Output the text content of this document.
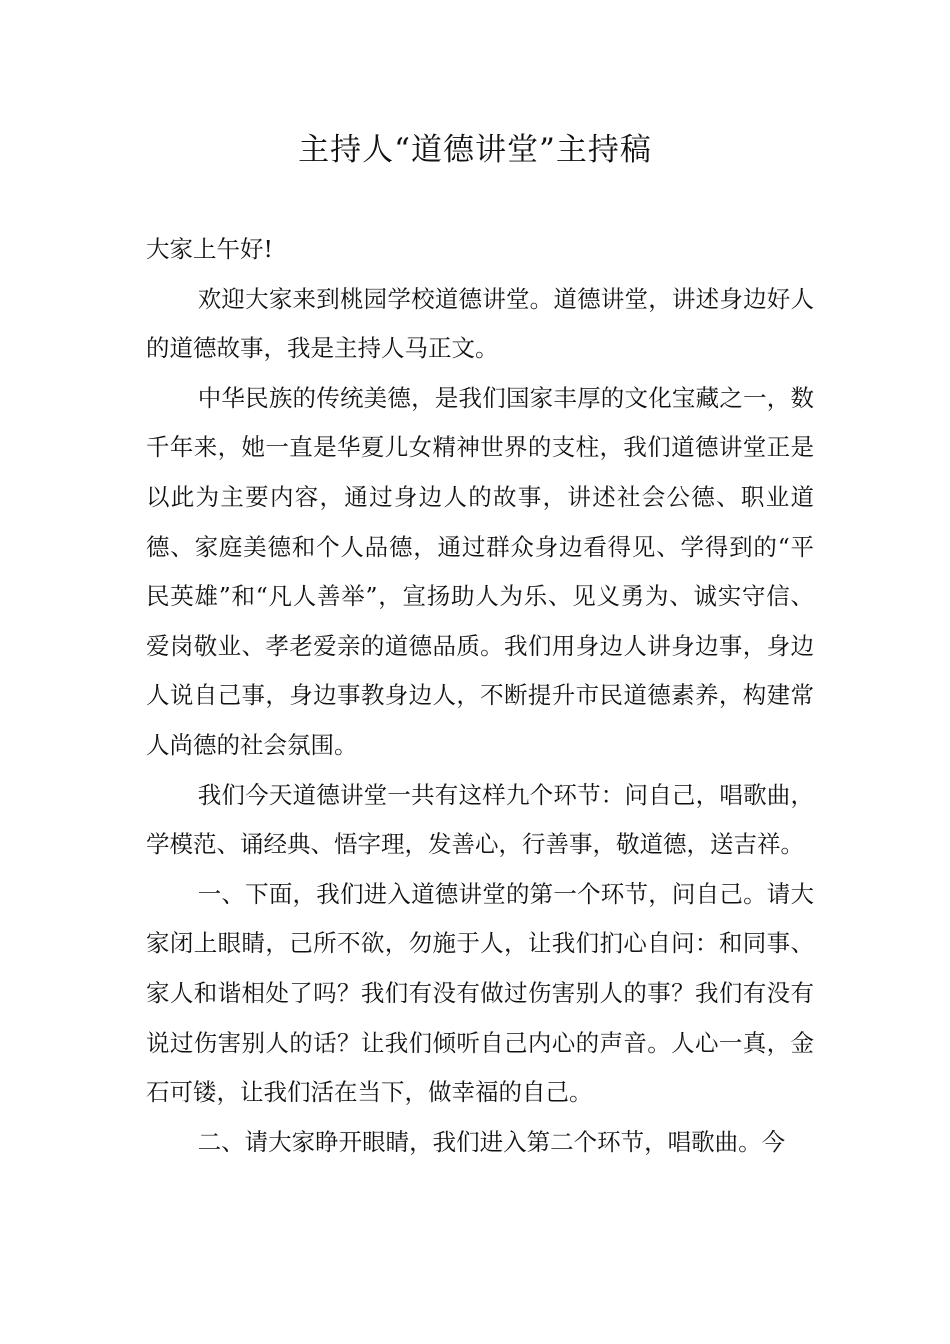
主持人“道德讲堂”主持稿

大家上午好!

欢迎大家来到桃园学校道德讲堂。道德讲堂，讲述身边好人的道德故事，我是主持人马正文。

中华民族的传统美德，是我们国家丰厚的文化宝藏之一，数千年来，她一直是华夏儿女精神世界的支柱，我们道德讲堂正是以此为主要内容，通过身边人的故事，讲述社会公德、职业道德、家庭美德和个人品德，通过群众身边看得见、学得到的“平民英雄”和“凡人善举”，宣扬助人为乐、见义勇为、诚实守信、爱岗敬业、孝老爱亲的道德品质。我们用身边人讲身边事，身边人说自己事，身边事教身边人，不断提升市民道德素养，构建常人尚德的社会氛围。

我们今天道德讲堂一共有这样九个环节：问自己，唱歌曲，学模范、诵经典、悟字理，发善心，行善事，敬道德，送吉祥。

一、下面，我们进入道德讲堂的第一个环节，问自己。请大家闭上眼睛，己所不欲，勿施于人，让我们扪心自问：和同事、家人和谐相处了吗？我们有没有做过伤害别人的事？我们有没有说过伤害别人的话？让我们倾听自己内心的声音。人心一真，金石可镂，让我们活在当下，做幸福的自己。

二、请大家睁开眼睛，我们进入第二个环节，唱歌曲。今
